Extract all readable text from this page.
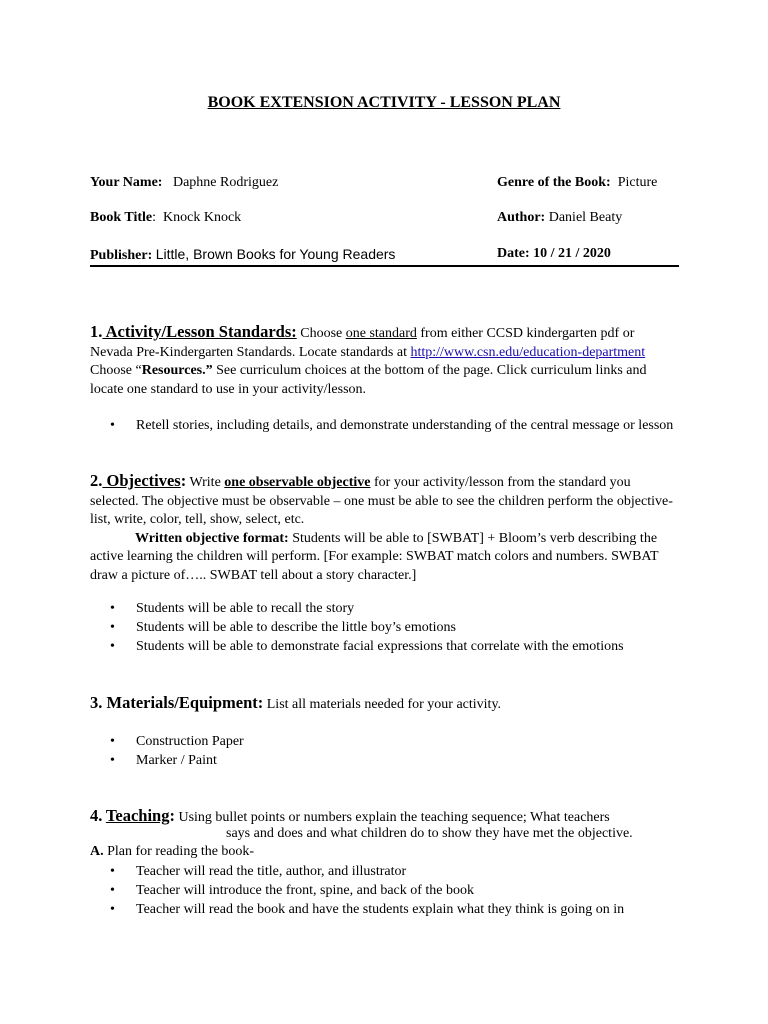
BOOK EXTENSION ACTIVITY - LESSON PLAN
Your Name: Daphne Rodriguez	Genre of the Book: Picture
Book Title: Knock Knock	Author: Daniel Beaty
Publisher: Little, Brown Books for Young Readers	Date: 10 / 21 / 2020
1. Activity/Lesson Standards: Choose one standard from either CCSD kindergarten pdf or Nevada Pre-Kindergarten Standards. Locate standards at http://www.csn.edu/education-department Choose “Resources.” See curriculum choices at the bottom of the page. Click curriculum links and locate one standard to use in your activity/lesson.
• Retell stories, including details, and demonstrate understanding of the central message or lesson
2. Objectives: Write one observable objective for your activity/lesson from the standard you selected. The objective must be observable – one must be able to see the children perform the objective- list, write, color, tell, show, select, etc.
Written objective format: Students will be able to [SWBAT] + Bloom’s verb describing the active learning the children will perform. [For example: SWBAT match colors and numbers. SWBAT draw a picture of….. SWBAT tell about a story character.]
• Students will be able to recall the story
• Students will be able to describe the little boy’s emotions
• Students will be able to demonstrate facial expressions that correlate with the emotions
3. Materials/Equipment: List all materials needed for your activity.
• Construction Paper
• Marker / Paint
4. Teaching: Using bullet points or numbers explain the teaching sequence; What teachers
says and does and what children do to show they have met the objective.
A. Plan for reading the book-
• Teacher will read the title, author, and illustrator
• Teacher will introduce the front, spine, and back of the book
• Teacher will read the book and have the students explain what they think is going on in
